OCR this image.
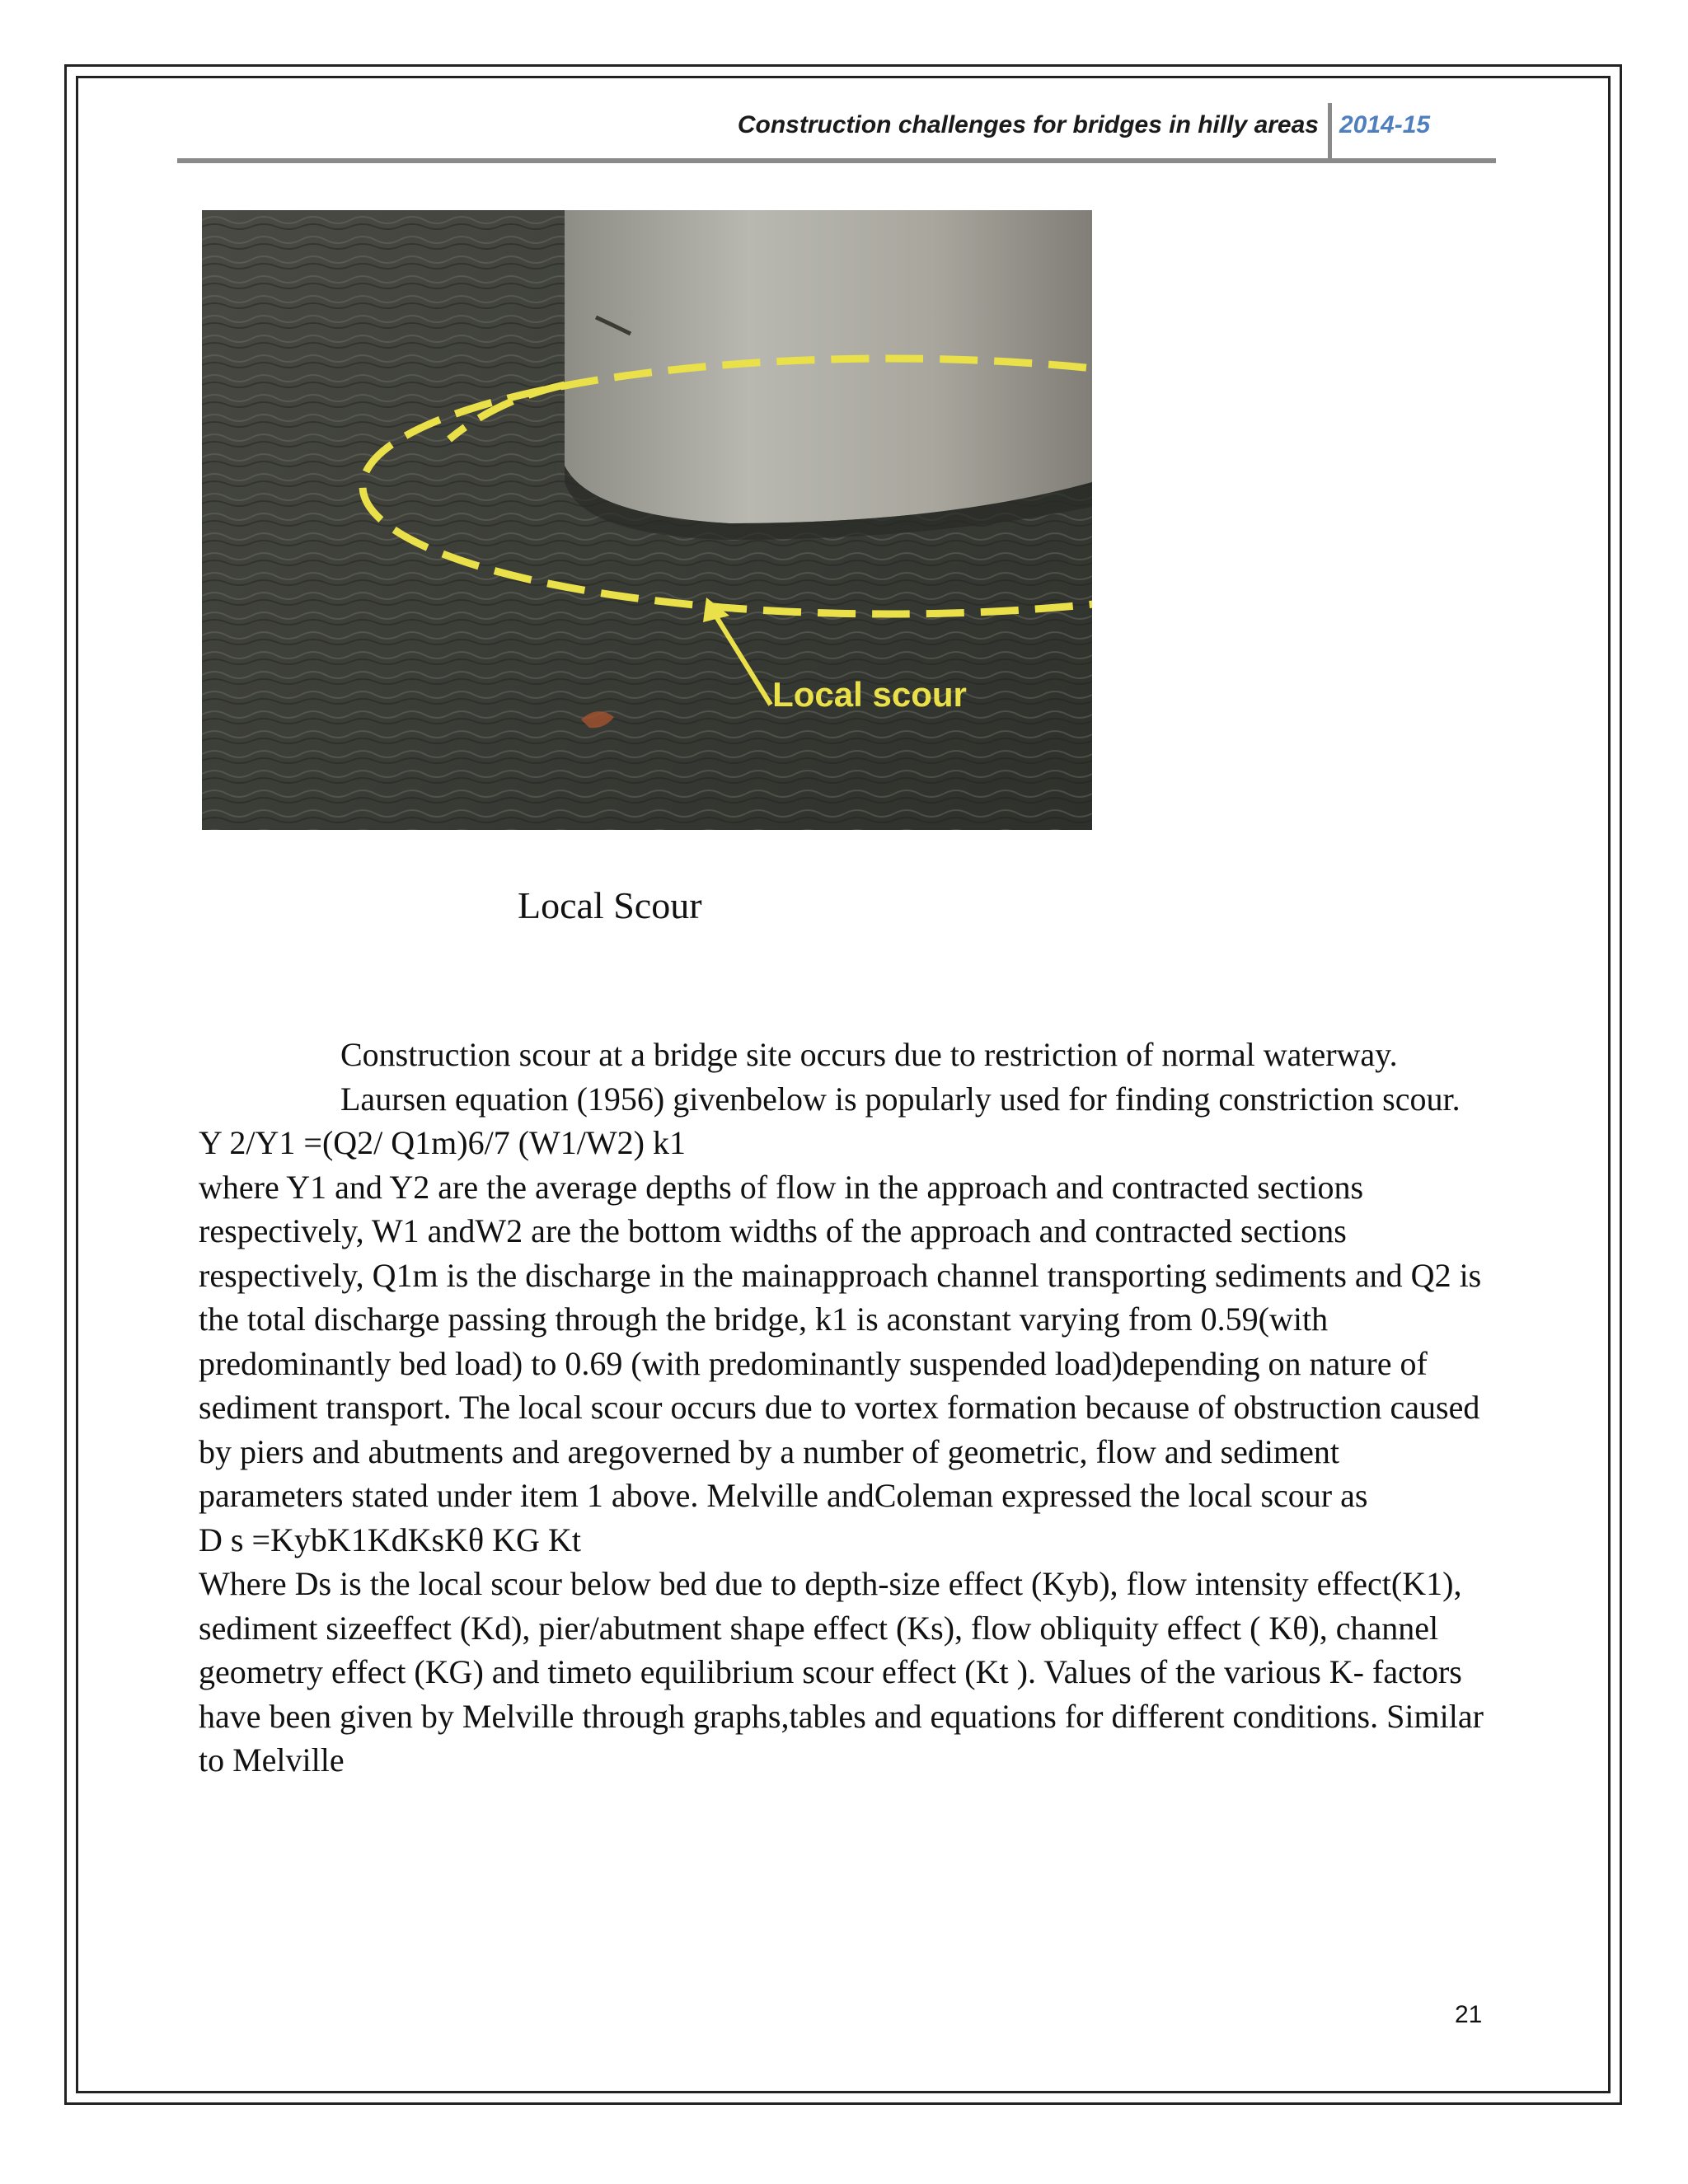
Construction challenges for bridges in hilly areas 2014-15
Local scour
Local Scour

Construction scour at a bridge site occurs due to restriction of normal waterway. Laursen equation (1956) givenbelow is popularly used for finding constriction scour.

Y 2/Y1 =(Q2/ Q1m)6/7 (W1/W2) k1

where Y1 and Y2 are the average depths of flow in the approach and contracted sections respectively, W1 andW2 are the bottom widths of the approach and contracted sections respectively, Q1m is the discharge in the mainapproach channel transporting sediments and Q2 is the total discharge passing through the bridge, k1 is aconstant varying from 0.59(with predominantly bed load) to 0.69 (with predominantly suspended load)depending on nature of sediment transport. The local scour occurs due to vortex formation because of obstruction caused by piers and abutments and aregoverned by a number of geometric, flow and sediment parameters stated under item 1 above. Melville andColeman expressed the local scour as

D s =KybK1KdKsKθ KG Kt

Where Ds is the local scour below bed due to depth-size effect (Kyb), flow intensity effect(K1), sediment sizeeffect (Kd), pier/abutment shape effect (Ks), flow obliquity effect ( Kθ), channel geometry effect (KG) and timeto equilibrium scour effect (Kt ). Values of the various K- factors have been given by Melville through graphs,tables and equations for different conditions. Similar to Melville

21
